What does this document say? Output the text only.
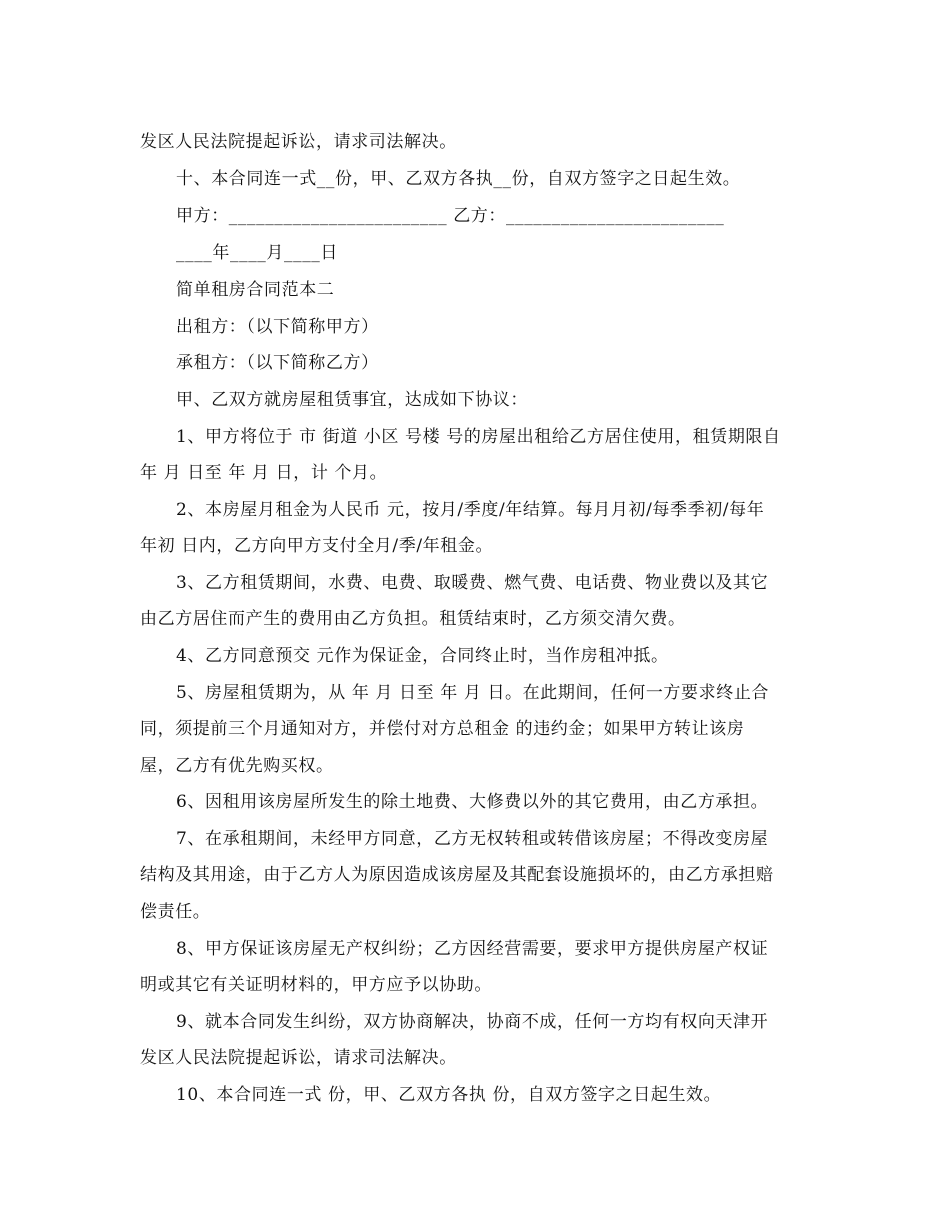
发区人民法院提起诉讼，请求司法解决。
十、本合同连一式__份，甲、乙双方各执__份，自双方签字之日起生效。
甲方：________________________ 乙方：________________________
____年____月____日
简单租房合同范本二
出租方：（以下简称甲方）
承租方：（以下简称乙方）
甲、乙双方就房屋租赁事宜，达成如下协议：
1、甲方将位于 市 街道 小区 号楼 号的房屋出租给乙方居住使用，租赁期限自
年 月 日至 年 月 日，计 个月。
2、本房屋月租金为人民币 元，按月/季度/年结算。每月月初/每季季初/每年
年初 日内，乙方向甲方支付全月/季/年租金。
3、乙方租赁期间，水费、电费、取暖费、燃气费、电话费、物业费以及其它
由乙方居住而产生的费用由乙方负担。租赁结束时，乙方须交清欠费。
4、乙方同意预交 元作为保证金，合同终止时，当作房租冲抵。
5、房屋租赁期为，从 年 月 日至 年 月 日。在此期间，任何一方要求终止合
同，须提前三个月通知对方，并偿付对方总租金 的违约金；如果甲方转让该房
屋，乙方有优先购买权。
6、因租用该房屋所发生的除土地费、大修费以外的其它费用，由乙方承担。
7、在承租期间，未经甲方同意，乙方无权转租或转借该房屋；不得改变房屋
结构及其用途，由于乙方人为原因造成该房屋及其配套设施损坏的，由乙方承担赔
偿责任。
8、甲方保证该房屋无产权纠纷；乙方因经营需要，要求甲方提供房屋产权证
明或其它有关证明材料的，甲方应予以协助。
9、就本合同发生纠纷，双方协商解决，协商不成，任何一方均有权向天津开
发区人民法院提起诉讼，请求司法解决。
10、本合同连一式 份，甲、乙双方各执 份，自双方签字之日起生效。
